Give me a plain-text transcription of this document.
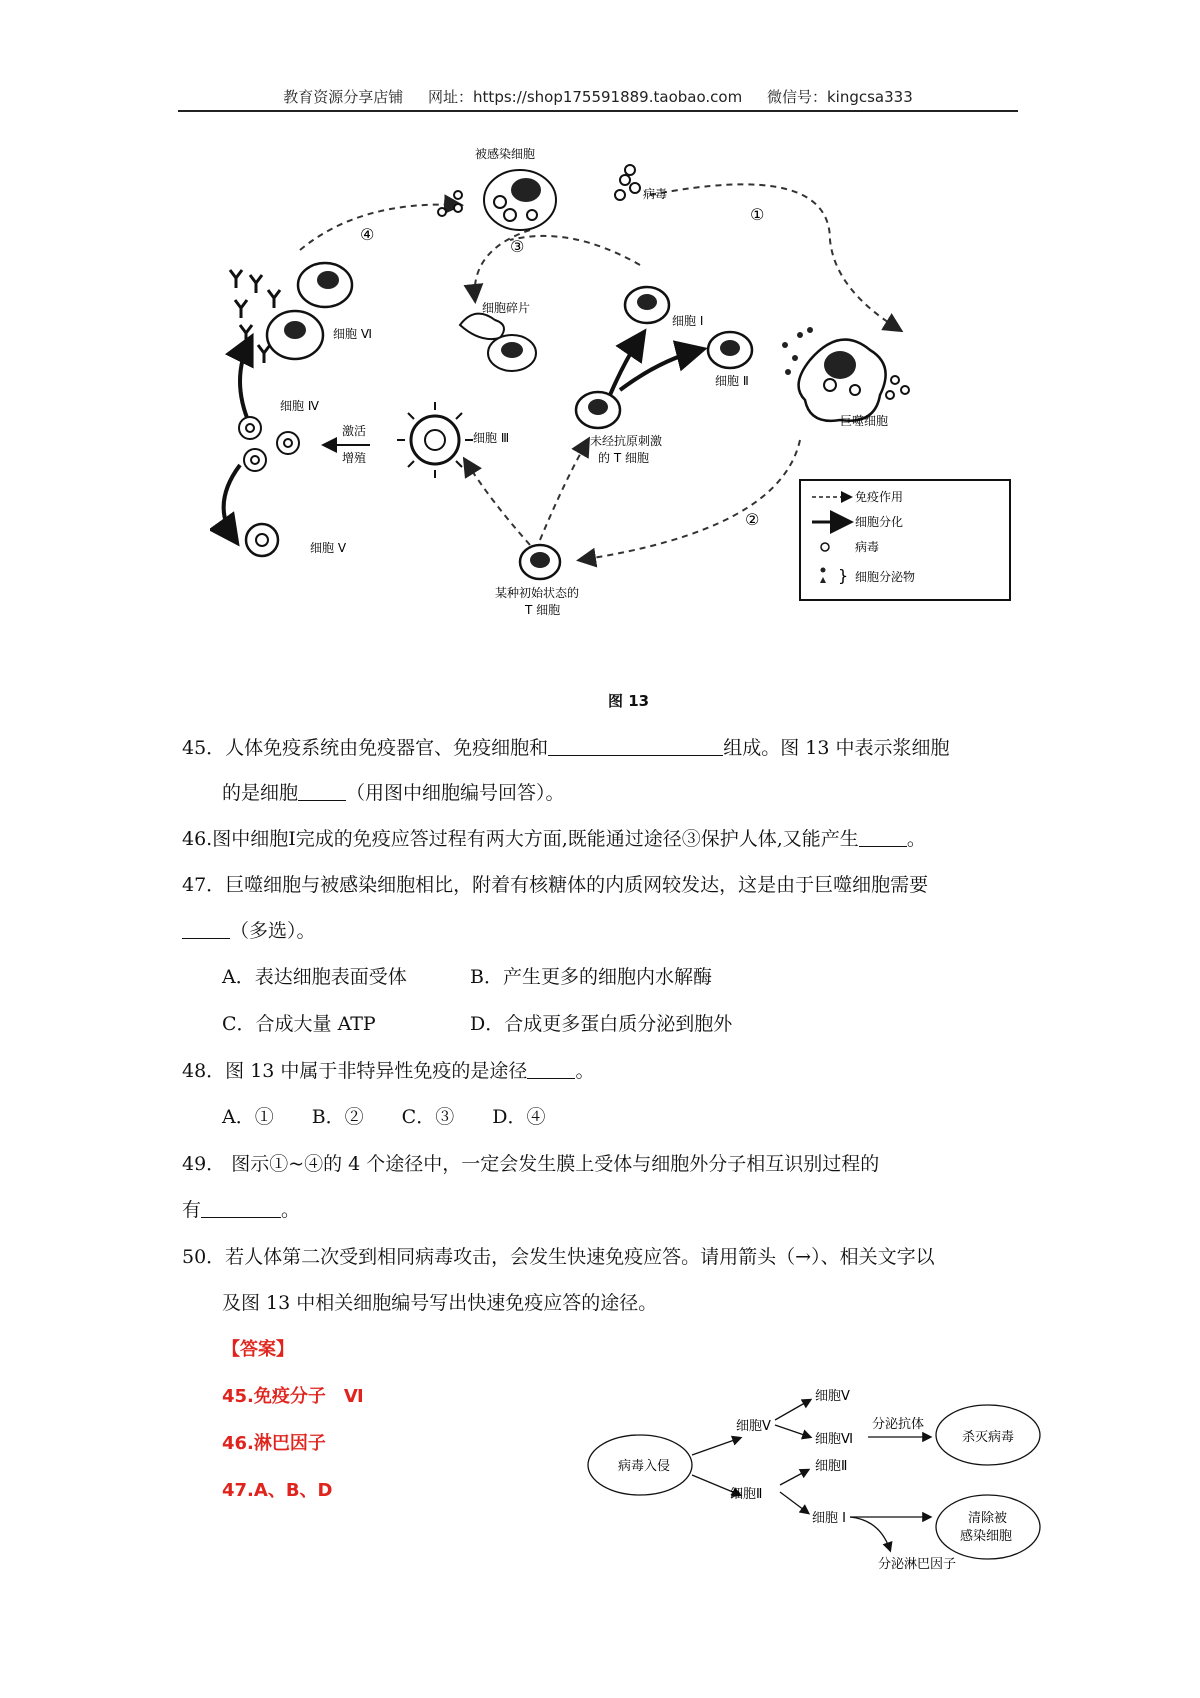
教育资源分享店铺 网址：https://shop175591889.taobao.com 微信号：kingcsa333
被感染细胞
病毒
①
④
③
②
细胞 Ⅵ
细胞碎片
细胞 Ⅰ
细胞 Ⅱ
巨噬细胞
未经抗原刺激
的 T 细胞
细胞 Ⅲ
激活
增殖
细胞 Ⅳ
细胞 Ⅴ
某种初始状态的
T 细胞
免疫作用
细胞分化
病毒
} 细胞分泌物
图 13
45．人体免疫系统由免疫器官、免疫细胞和	组成。图 13 中表示浆细胞
的是细胞	（用图中细胞编号回答）。
46.图中细胞Ⅰ完成的免疫应答过程有两大方面,既能通过途径③保护人体,又能产生	。
47．巨噬细胞与被感染细胞相比，附着有核糖体的内质网较发达，这是由于巨噬细胞需要
（多选）。
A．表达细胞表面受体	B．产生更多的细胞内水解酶
C．合成大量 ATP	D．合成更多蛋白质分泌到胞外
48．图 13 中属于非特异性免疫的是途径	。
A．①　　B．②　　C．③　　D．④
49． 图示①~④的 4 个途径中，一定会发生膜上受体与细胞外分子相互识别过程的
有	。
50．若人体第二次受到相同病毒攻击，会发生快速免疫应答。请用箭头（→）、相关文字以
及图 13 中相关细胞编号写出快速免疫应答的途径。
【答案】
45.免疫分子　Ⅵ
46.淋巴因子
47.A、B、D
病毒入侵
细胞Ⅴ
细胞Ⅴ
细胞Ⅵ
分泌抗体
杀灭病毒
细胞Ⅱ
细胞Ⅱ
细胞 Ⅰ	清除被
感染细胞
分泌淋巴因子
